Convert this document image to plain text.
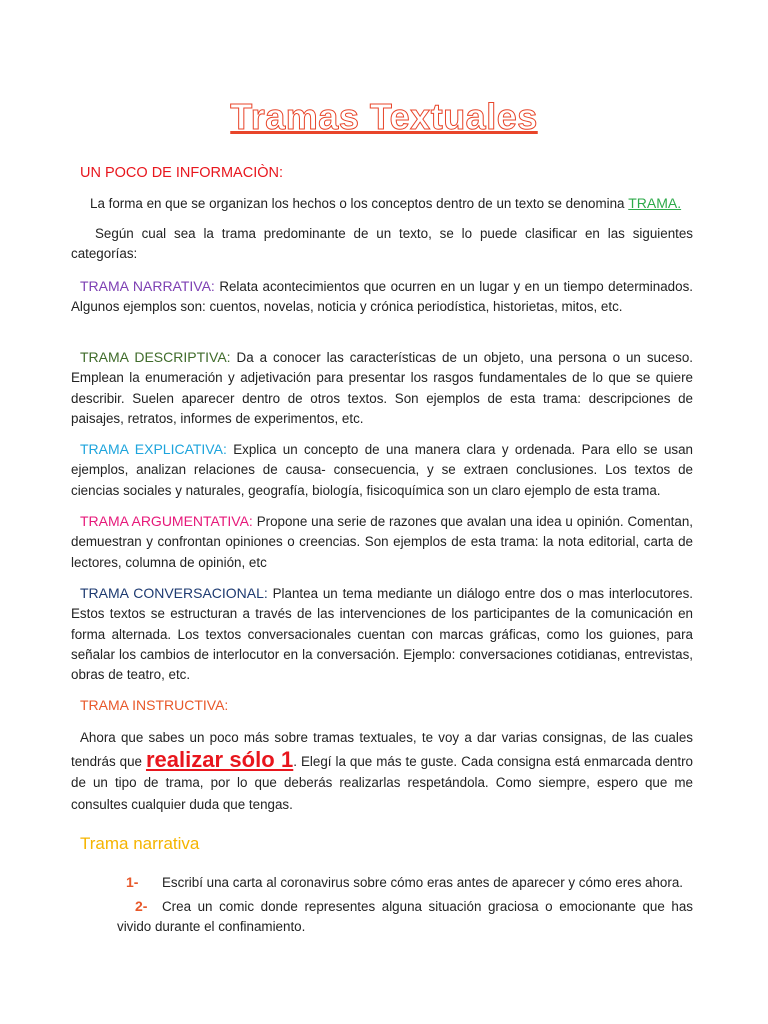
Tramas Textuales
UN POCO DE INFORMACIÒN:
La forma en que se organizan los hechos o los conceptos dentro de un texto se denomina TRAMA.
Según cual sea la trama predominante de un texto, se lo puede clasificar en las siguientes categorías:
TRAMA NARRATIVA: Relata acontecimientos que ocurren en un lugar y en un tiempo determinados. Algunos ejemplos son: cuentos, novelas, noticia y crónica periodística, historietas, mitos, etc.
TRAMA DESCRIPTIVA: Da a conocer las características de un objeto, una persona o un suceso. Emplean la enumeración y adjetivación para presentar los rasgos fundamentales de lo que se quiere describir. Suelen aparecer dentro de otros textos. Son ejemplos de esta trama: descripciones de paisajes, retratos, informes de experimentos, etc.
TRAMA EXPLICATIVA: Explica un concepto de una manera clara y ordenada. Para ello se usan ejemplos, analizan relaciones de causa- consecuencia, y se extraen conclusiones. Los textos de ciencias sociales y naturales, geografía, biología, fisicoquímica son un claro ejemplo de esta trama.
TRAMA ARGUMENTATIVA: Propone una serie de razones que avalan una idea u opinión. Comentan, demuestran y confrontan opiniones o creencias. Son ejemplos de esta trama: la nota editorial, carta de lectores, columna de opinión, etc
TRAMA CONVERSACIONAL: Plantea un tema mediante un diálogo entre dos o mas interlocutores. Estos textos se estructuran a través de las intervenciones de los participantes de la comunicación en forma alternada. Los textos conversacionales cuentan con marcas gráficas, como los guiones, para señalar los cambios de interlocutor en la conversación. Ejemplo: conversaciones cotidianas, entrevistas, obras de teatro, etc.
TRAMA INSTRUCTIVA:
Ahora que sabes un poco más sobre tramas textuales, te voy a dar varias consignas, de las cuales tendrás que realizar sólo 1. Elegí la que más te guste. Cada consigna está enmarcada dentro de un tipo de trama, por lo que deberás realizarlas respetándola. Como siempre, espero que me consultes cualquier duda que tengas.
Trama narrativa
1- Escribí una carta al coronavirus sobre cómo eras antes de aparecer y cómo eres ahora.
2- Crea un comic donde representes alguna situación graciosa o emocionante que has vivido durante el confinamiento.
